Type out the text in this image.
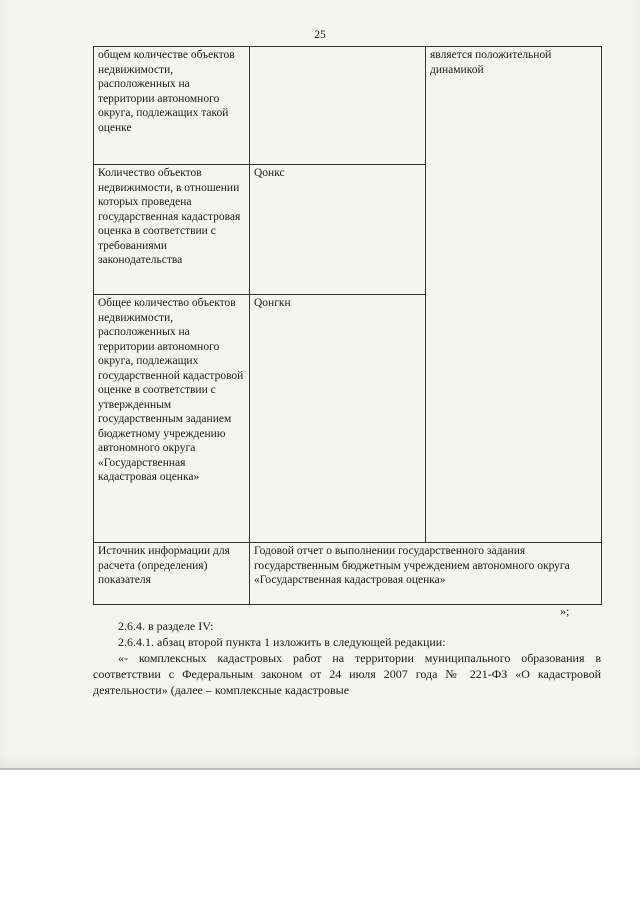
25
общем количестве объектов недвижимости, расположенных на территории автономного округа, подлежащих такой оценке		является положительной динамикой
Количество объектов недвижимости, в отношении которых проведена государственная кадастровая оценка в соответствии с требованиями законодательства	Qонкс	
Общее количество объектов недвижимости, расположенных на территории автономного округа, подлежащих государственной кадастровой оценке в соответствии с утвержденным государственным заданием бюджетному учреждению автономного округа «Государственная кадастровая оценка»	Qонгкн	
Источник информации для расчета (определения) показателя	Годовой отчет о выполнении государственного задания государственным бюджетным учреждением автономного округа «Государственная кадастровая оценка»	
»;

2.6.4. в разделе IV:

2.6.4.1. абзац второй пункта 1 изложить в следующей редакции:

«- комплексных кадастровых работ на территории муниципального образования в соответствии с Федеральным законом от 24 июля 2007 года № 221-ФЗ «О кадастровой деятельности» (далее – комплексные кадастровые
